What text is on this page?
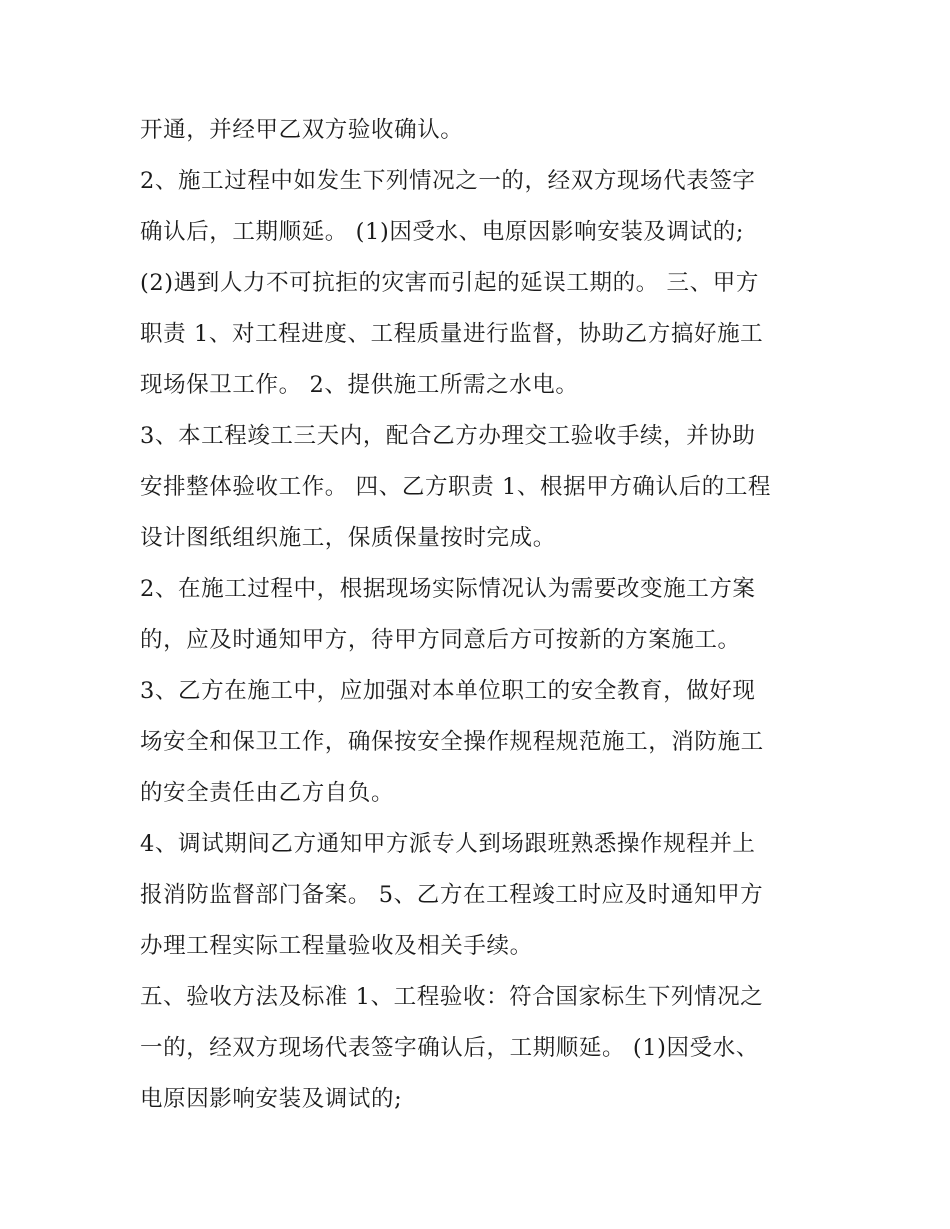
开通，并经甲乙双方验收确认。
2、施工过程中如发生下列情况之一的，经双方现场代表签字
确认后，工期顺延。 (1)因受水、电原因影响安装及调试的;
(2)遇到人力不可抗拒的灾害而引起的延误工期的。 三、甲方
职责 1、对工程进度、工程质量进行监督，协助乙方搞好施工
现场保卫工作。 2、提供施工所需之水电。
3、本工程竣工三天内，配合乙方办理交工验收手续，并协助
安排整体验收工作。 四、乙方职责 1、根据甲方确认后的工程
设计图纸组织施工，保质保量按时完成。
2、在施工过程中，根据现场实际情况认为需要改变施工方案
的，应及时通知甲方，待甲方同意后方可按新的方案施工。
3、乙方在施工中，应加强对本单位职工的安全教育，做好现
场安全和保卫工作，确保按安全操作规程规范施工，消防施工
的安全责任由乙方自负。
4、调试期间乙方通知甲方派专人到场跟班熟悉操作规程并上
报消防监督部门备案。 5、乙方在工程竣工时应及时通知甲方
办理工程实际工程量验收及相关手续。
五、验收方法及标准 1、工程验收：符合国家标生下列情况之
一的，经双方现场代表签字确认后，工期顺延。 (1)因受水、
电原因影响安装及调试的;
